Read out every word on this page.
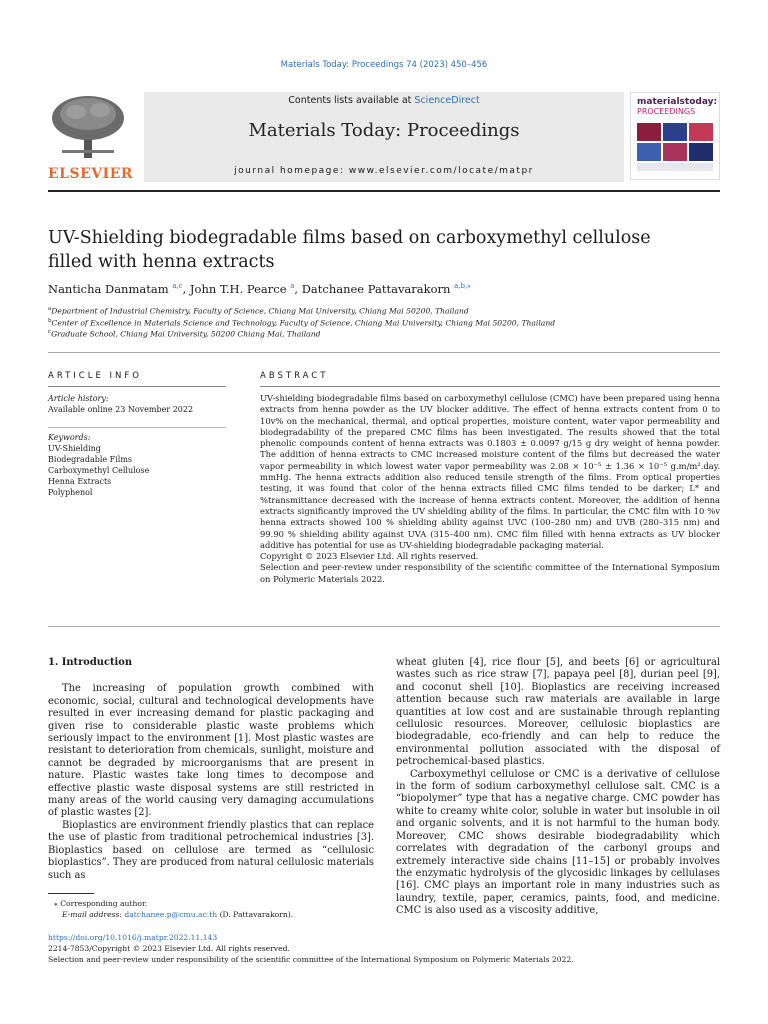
Materials Today: Proceedings 74 (2023) 450–456
ELSEVIER
Contents lists available at ScienceDirect
Materials Today: Proceedings
journal homepage: www.elsevier.com/locate/matpr
materialstoday:
PROCEEDINGS
UV-Shielding biodegradable films based on carboxymethyl cellulose filled with henna extracts
Nanticha Danmatam $^{a,c}$, John T.H. Pearce $^a$, Datchanee Pattavarakorn $^{a,b,⁎}$
$^a$Department of Industrial Chemistry, Faculty of Science, Chiang Mai University, Chiang Mai 50200, Thailand
$^b$Center of Excellence in Materials Science and Technology, Faculty of Science, Chiang Mai University, Chiang Mai 50200, Thailand
$^c$Graduate School, Chiang Mai University, 50200 Chiang Mai, Thailand
ARTICLE INFO
Article history:
Available online 23 November 2022
Keywords:
UV-Shielding
Biodegradable Films
Carboxymethyl Cellulose
Henna Extracts
Polyphenol
ABSTRACT

UV-shielding biodegradable films based on carboxymethyl cellulose (CMC) have been prepared using henna extracts from henna powder as the UV blocker additive. The effect of henna extracts content from 0 to 10v% on the mechanical, thermal, and optical properties, moisture content, water vapor permeability and biodegradability of the prepared CMC films has been investigated. The results showed that the total phenolic compounds content of henna extracts was 0.1803 ± 0.0097 g/15 g dry weight of henna powder. The addition of henna extracts to CMC increased moisture content of the films but decreased the water vapor permeability in which lowest water vapor permeability was 2.08 × 10⁻⁵ ± 1.36 × 10⁻⁵ g.m/m².day. mmHg. The henna extracts addition also reduced tensile strength of the films. From optical properties testing, it was found that color of the henna extracts filled CMC films tended to be darker; L* and %transmittance decreased with the increase of henna extracts content. Moreover, the addition of henna extracts significantly improved the UV shielding ability of the films. In particular, the CMC film with 10 %v henna extracts showed 100 % shielding ability against UVC (100–280 nm) and UVB (280–315 nm) and 99.90 % shielding ability against UVA (315–400 nm). CMC film filled with henna extracts as UV blocker additive has potential for use as UV-shielding biodegradable packaging material.

Copyright © 2023 Elsevier Ltd. All rights reserved.

Selection and peer-review under responsibility of the scientific committee of the International Symposium on Polymeric Materials 2022.

1. Introduction

The increasing of population growth combined with economic, social, cultural and technological developments have resulted in ever increasing demand for plastic packaging and given rise to considerable plastic waste problems which seriously impact to the environment [1]. Most plastic wastes are resistant to deterioration from chemicals, sunlight, moisture and cannot be degraded by microorganisms that are present in nature. Plastic wastes take long times to decompose and effective plastic waste disposal systems are still restricted in many areas of the world causing very damaging accumulations of plastic wastes [2].

Bioplastics are environment friendly plastics that can replace the use of plastic from traditional petrochemical industries [3]. Bioplastics based on cellulose are termed as “cellulosic bioplastics”. They are produced from natural cellulosic materials such as

wheat gluten [4], rice flour [5], and beets [6] or agricultural wastes such as rice straw [7], papaya peel [8], durian peel [9], and coconut shell [10]. Bioplastics are receiving increased attention because such raw materials are available in large quantities at low cost and are sustainable through replanting cellulosic resources. Moreover, cellulosic bioplastics are biodegradable, eco-friendly and can help to reduce the environmental pollution associated with the disposal of petrochemical-based plastics.

Carboxymethyl cellulose or CMC is a derivative of cellulose in the form of sodium carboxymethyl cellulose salt. CMC is a “biopolymer” type that has a negative charge. CMC powder has white to creamy white color, soluble in water but insoluble in oil and organic solvents, and it is not harmful to the human body. Moreover, CMC shows desirable biodegradability which correlates with degradation of the carbonyl groups and extremely interactive side chains [11–15] or probably involves the enzymatic hydrolysis of the glycosidic linkages by cellulases [16]. CMC plays an important role in many industries such as laundry, textile, paper, ceramics, paints, food, and medicine. CMC is also used as a viscosity additive,

⁎ Corresponding author.
E-mail address: datchanee.p@cmu.ac.th (D. Pattavarakorn).
https://doi.org/10.1016/j.matpr.2022.11.143
2214-7853/Copyright © 2023 Elsevier Ltd. All rights reserved.
Selection and peer-review under responsibility of the scientific committee of the International Symposium on Polymeric Materials 2022.
